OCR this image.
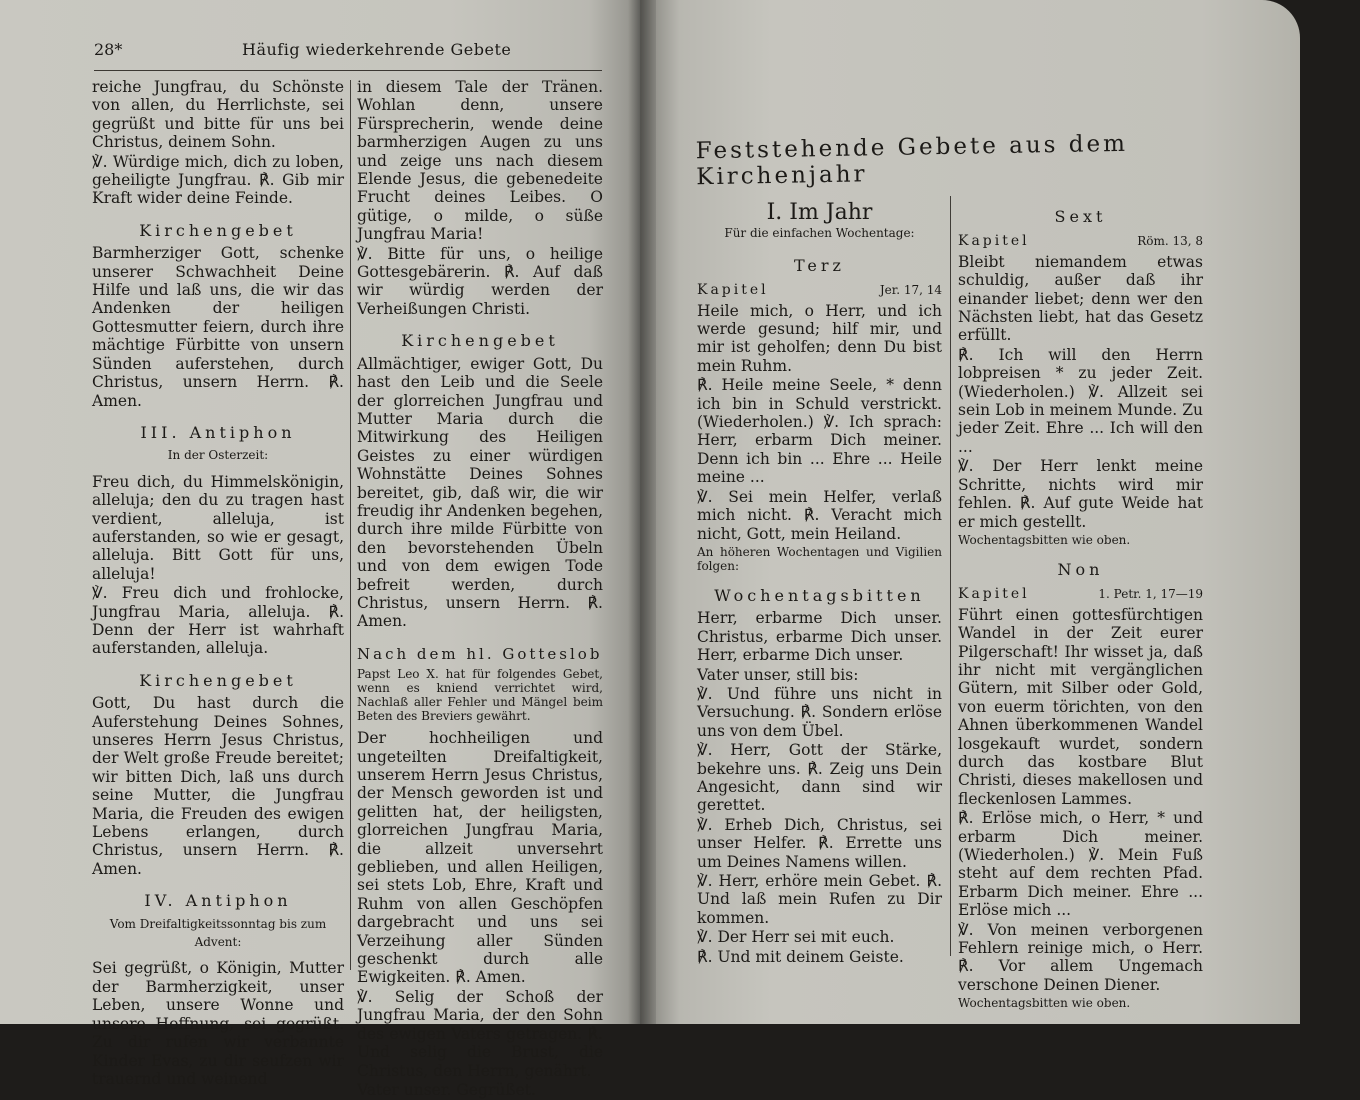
28*	Häufig wiederkehrende Gebete

reiche Jungfrau, du Schönste von allen, du Herrlichste, sei gegrüßt und bitte für uns bei Christus, deinem Sohn.

℣. Würdige mich, dich zu loben, geheiligte Jungfrau. ℟. Gib mir Kraft wider deine Feinde.

Kirchengebet

Barmherziger Gott, schenke unserer Schwachheit Deine Hilfe und laß uns, die wir das Andenken der heiligen Gottesmutter feiern, durch ihre mächtige Fürbitte von unsern Sünden auferstehen, durch Christus, unsern Herrn. ℟. Amen.

III. Antiphon
In der Osterzeit:

Freu dich, du Himmelskönigin, alleluja; den du zu tragen hast verdient, alleluja, ist auferstanden, so wie er gesagt, alleluja. Bitt Gott für uns, alleluja!

℣. Freu dich und frohlocke, Jungfrau Maria, alleluja. ℟. Denn der Herr ist wahrhaft auferstanden, alleluja.

Kirchengebet

Gott, Du hast durch die Auferstehung Deines Sohnes, unseres Herrn Jesus Christus, der Welt große Freude bereitet; wir bitten Dich, laß uns durch seine Mutter, die Jungfrau Maria, die Freuden des ewigen Lebens erlangen, durch Christus, unsern Herrn. ℟. Amen.

IV. Antiphon
Vom Dreifaltigkeitssonntag bis zum Advent:

Sei gegrüßt, o Königin, Mutter der Barmherzigkeit, unser Leben, unsere Wonne und unsere Hoffnung, sei gegrüßt. Zu dir rufen wir verbannte Kinder Evas, zu dir seufzen wir trauernd und weinend

in diesem Tale der Tränen. Wohlan denn, unsere Fürsprecherin, wende deine barmherzigen Augen zu uns und zeige uns nach diesem Elende Jesus, die gebenedeite Frucht deines Leibes. O gütige, o milde, o süße Jungfrau Maria!

℣. Bitte für uns, o heilige Gottesgebärerin. ℟. Auf daß wir würdig werden der Verheißungen Christi.

Kirchengebet

Allmächtiger, ewiger Gott, Du hast den Leib und die Seele der glorreichen Jungfrau und Mutter Maria durch die Mitwirkung des Heiligen Geistes zu einer würdigen Wohnstätte Deines Sohnes bereitet, gib, daß wir, die wir freudig ihr Andenken begehen, durch ihre milde Fürbitte von den bevorstehenden Übeln und von dem ewigen Tode befreit werden, durch Christus, unsern Herrn. ℟. Amen.

Nach dem hl. Gotteslob

Papst Leo X. hat für folgendes Gebet, wenn es kniend verrichtet wird, Nachlaß aller Fehler und Mängel beim Beten des Breviers gewährt.

Der hochheiligen und ungeteilten Dreifaltigkeit, unserem Herrn Jesus Christus, der Mensch geworden ist und gelitten hat, der heiligsten, glorreichen Jungfrau Maria, die allzeit unversehrt geblieben, und allen Heiligen, sei stets Lob, Ehre, Kraft und Ruhm von allen Geschöpfen dargebracht und uns sei Verzeihung aller Sünden geschenkt durch alle Ewigkeiten. ℟. Amen.

℣. Selig der Schoß der Jungfrau Maria, der den Sohn des ewigen Vaters getragen. ℟. Und selig die Brust, die Christus, den Herrn, genährt.

Vater unser. Gegrüßet.

Feststehende Gebete aus dem Kirchenjahr
I. Im Jahr
Für die einfachen Wochentage:
Terz
Kapitel	Jer. 17, 14

Heile mich, o Herr, und ich werde gesund; hilf mir, und mir ist geholfen; denn Du bist mein Ruhm.

℟. Heile meine Seele, * denn ich bin in Schuld verstrickt. (Wiederholen.) ℣. Ich sprach: Herr, erbarm Dich meiner. Denn ich bin ... Ehre ... Heile meine ...

℣. Sei mein Helfer, verlaß mich nicht. ℟. Veracht mich nicht, Gott, mein Heiland.

An höheren Wochentagen und Vigilien folgen:

Wochentagsbitten

Herr, erbarme Dich unser. Christus, erbarme Dich unser. Herr, erbarme Dich unser.

Vater unser, still bis:

℣. Und führe uns nicht in Versuchung. ℟. Sondern erlöse uns von dem Übel.

℣. Herr, Gott der Stärke, bekehre uns. ℟. Zeig uns Dein Angesicht, dann sind wir gerettet.

℣. Erheb Dich, Christus, sei unser Helfer. ℟. Errette uns um Deines Namens willen.

℣. Herr, erhöre mein Gebet. ℟. Und laß mein Rufen zu Dir kommen.

℣. Der Herr sei mit euch.

℟. Und mit deinem Geiste.

Sext
Kapitel	Röm. 13, 8

Bleibt niemandem etwas schuldig, außer daß ihr einander liebet; denn wer den Nächsten liebt, hat das Gesetz erfüllt.

℟. Ich will den Herrn lobpreisen * zu jeder Zeit. (Wiederholen.) ℣. Allzeit sei sein Lob in meinem Munde. Zu jeder Zeit. Ehre ... Ich will den ...

℣. Der Herr lenkt meine Schritte, nichts wird mir fehlen. ℟. Auf gute Weide hat er mich gestellt.

Wochentagsbitten wie oben.

Non
Kapitel	1. Petr. 1, 17—19

Führt einen gottesfürchtigen Wandel in der Zeit eurer Pilgerschaft! Ihr wisset ja, daß ihr nicht mit vergänglichen Gütern, mit Silber oder Gold, von euerm törichten, von den Ahnen überkommenen Wandel losgekauft wurdet, sondern durch das kostbare Blut Christi, dieses makellosen und fleckenlosen Lammes.

℟. Erlöse mich, o Herr, * und erbarm Dich meiner. (Wiederholen.) ℣. Mein Fuß steht auf dem rechten Pfad. Erbarm Dich meiner. Ehre ... Erlöse mich ...

℣. Von meinen verborgenen Fehlern reinige mich, o Herr. ℟. Vor allem Ungemach verschone Deinen Diener.

Wochentagsbitten wie oben.
